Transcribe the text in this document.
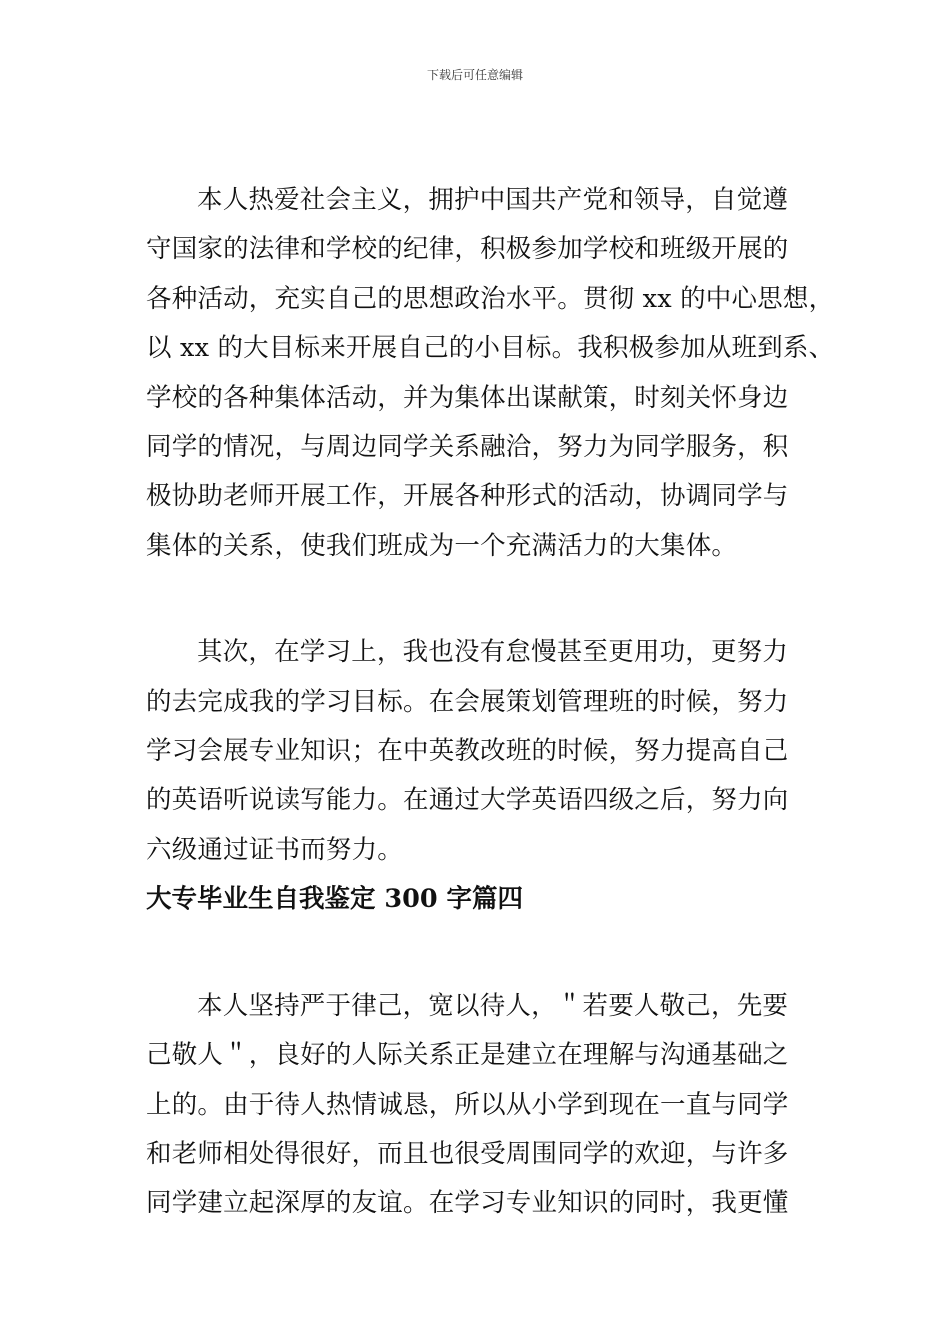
下载后可任意编辑

本人热爱社会主义，拥护中国共产党和领导，自觉遵
守国家的法律和学校的纪律，积极参加学校和班级开展的
各种活动，充实自己的思想政治水平。贯彻 xx 的中心思想，
以 xx 的大目标来开展自己的小目标。我积极参加从班到系、
学校的各种集体活动，并为集体出谋献策，时刻关怀身边
同学的情况，与周边同学关系融洽，努力为同学服务，积
极协助老师开展工作，开展各种形式的活动，协调同学与
集体的关系，使我们班成为一个充满活力的大集体。

其次，在学习上，我也没有怠慢甚至更用功，更努力
的去完成我的学习目标。在会展策划管理班的时候，努力
学习会展专业知识；在中英教改班的时候，努力提高自己
的英语听说读写能力。在通过大学英语四级之后，努力向
六级通过证书而努力。

大专毕业生自我鉴定 300 字篇四

本人坚持严于律己，宽以待人，＂若要人敬己，先要
己敬人＂，良好的人际关系正是建立在理解与沟通基础之
上的。由于待人热情诚恳，所以从小学到现在一直与同学
和老师相处得很好，而且也很受周围同学的欢迎，与许多
同学建立起深厚的友谊。在学习专业知识的同时，我更懂
